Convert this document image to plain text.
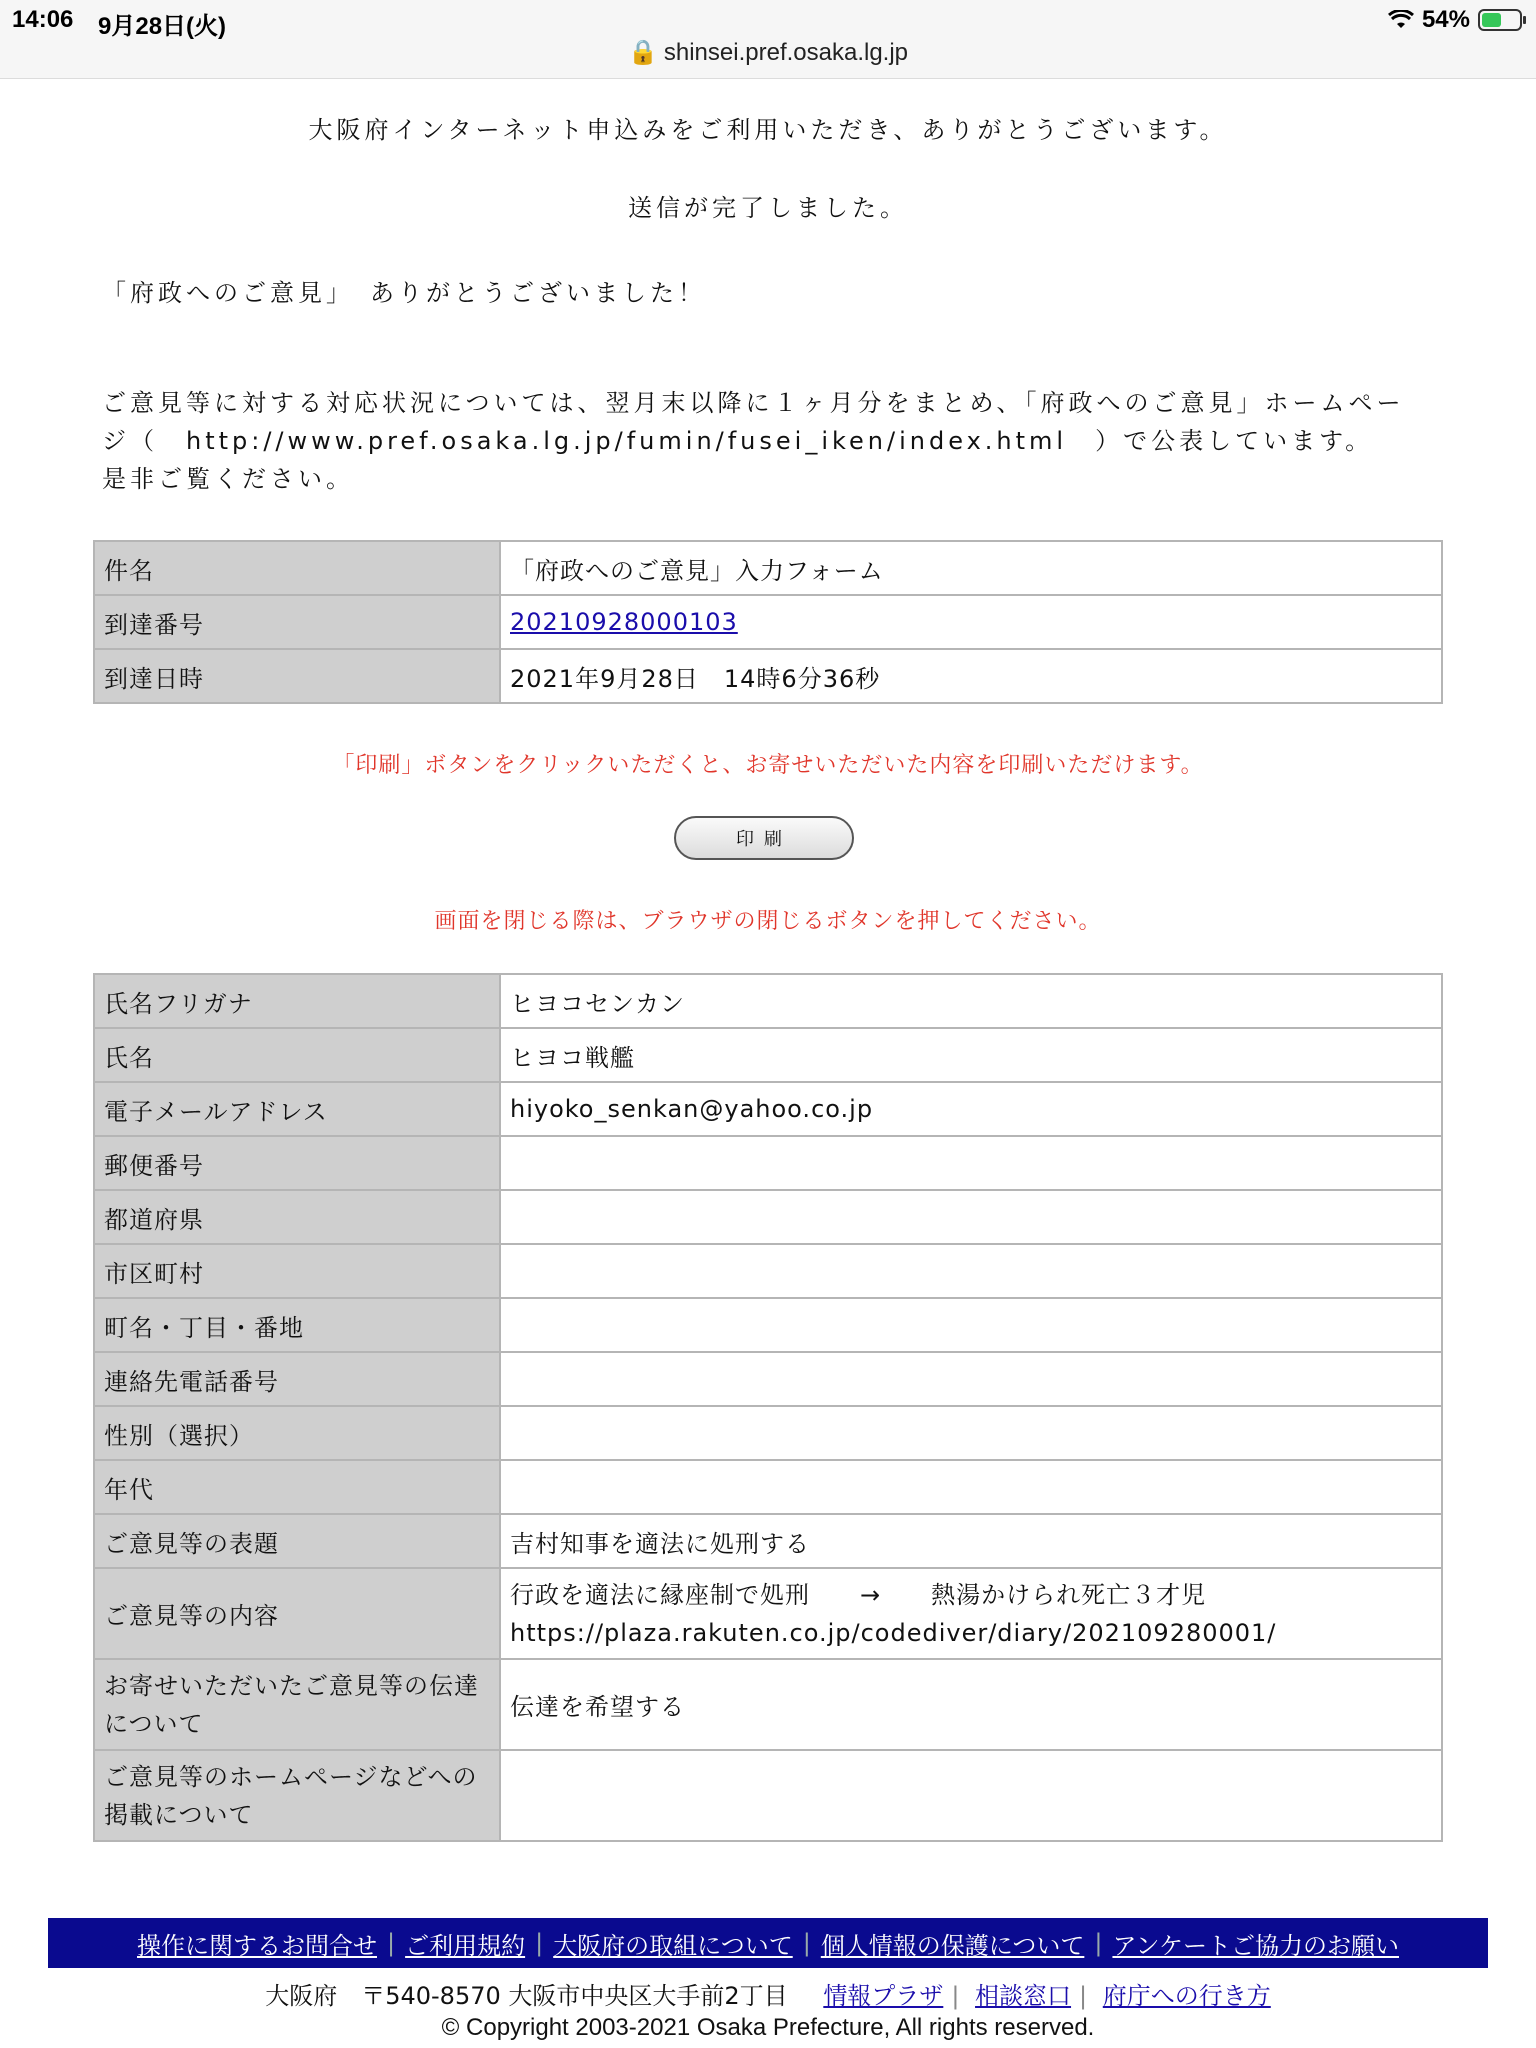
14:06 9月28日(火)	54%
🔒 shinsei.pref.osaka.lg.jp
大阪府インターネット申込みをご利用いただき、ありがとうございます。
送信が完了しました。
「府政へのご意見」　ありがとうございました！
ご意見等に対する対応状況については、翌月末以降に１ヶ月分をまとめ、「府政へのご意見」ホームペー
ジ（　http://www.pref.osaka.lg.jp/fumin/fusei_iken/index.html　）で公表しています。
是非ご覧ください。
件名	「府政へのご意見」入力フォーム
到達番号	20210928000103
到達日時	2021年9月28日　14時6分36秒
「印刷」ボタンをクリックいただくと、お寄せいただいた内容を印刷いただけます。
印刷
画面を閉じる際は、ブラウザの閉じるボタンを押してください。
氏名フリガナ	ヒヨコセンカン
氏名	ヒヨコ戦艦
電子メールアドレス	hiyoko_senkan@yahoo.co.jp
郵便番号	
都道府県	
市区町村	
町名・丁目・番地	
連絡先電話番号	
性別（選択）	
年代	
ご意見等の表題	吉村知事を適法に処刑する
ご意見等の内容	行政を適法に縁座制で処刑　　→　　熱湯かけられ死亡３才児
https://plaza.rakuten.co.jp/codediver/diary/202109280001/

お寄せいただいたご意見等の伝達について	伝達を希望する
ご意見等のホームページなどへの掲載について	
操作に関するお問合せ | ご利用規約 | 大阪府の取組について | 個人情報の保護について | アンケートご協力のお願い
大阪府　〒540-8570 大阪市中央区大手前2丁目 情報プラザ | 相談窓口 | 府庁への行き方
© Copyright 2003-2021 Osaka Prefecture, All rights reserved.
